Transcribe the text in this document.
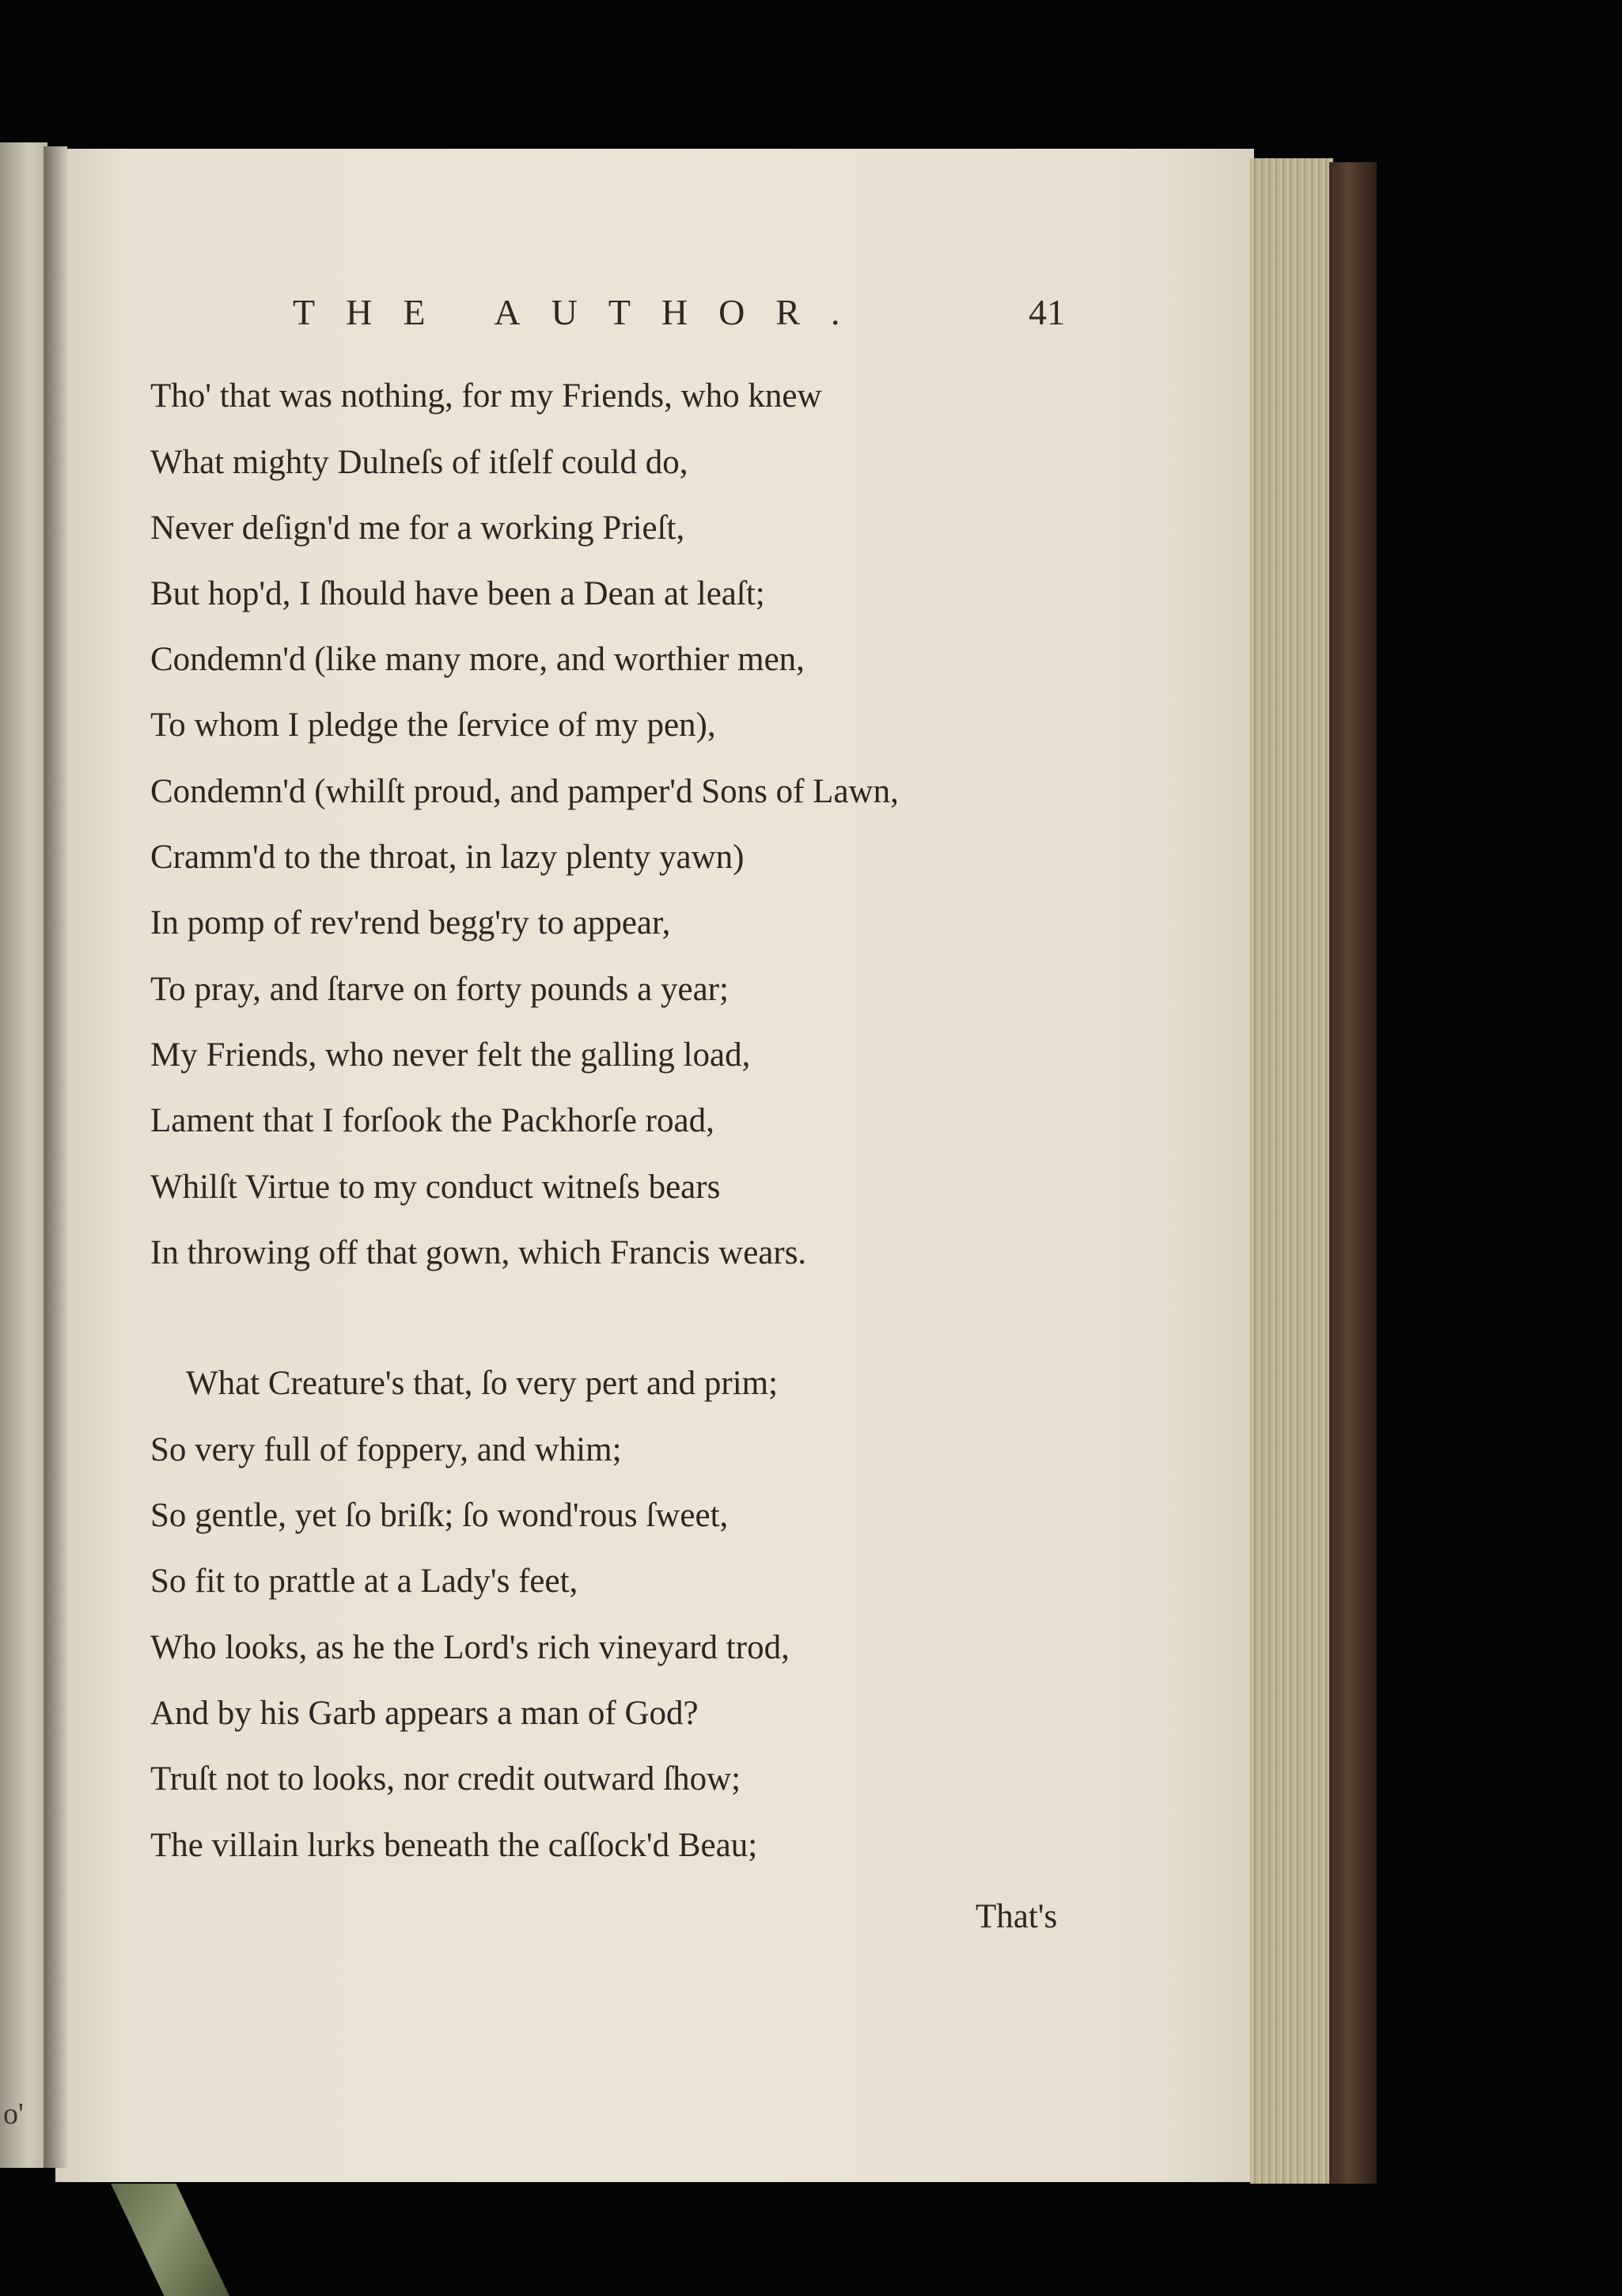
ο'
THE AUTHOR.	41
Tho' that was nothing, for my Friends, who knew
What mighty Dulneſs of itſelf could do,
Never deſign'd me for a working Prieſt,
But hop'd, I ſhould have been a Dean at leaſt;
Condemn'd (like many more, and worthier men,
To whom I pledge the ſervice of my pen),
Condemn'd (whilſt proud, and pamper'd Sons of Lawn,
Cramm'd to the throat, in lazy plenty yawn)
In pomp of rev'rend begg'ry to appear,
To pray, and ſtarve on forty pounds a year;
My Friends, who never felt the galling load,
Lament that I forſook the Packhorſe road,
Whilſt Virtue to my conduct witneſs bears
In throwing off that gown, which Francis wears.
What Creature's that, ſo very pert and prim;
So very full of foppery, and whim;
So gentle, yet ſo briſk; ſo wond'rous ſweet,
So fit to prattle at a Lady's feet,
Who looks, as he the Lord's rich vineyard trod,
And by his Garb appears a man of God?
Truſt not to looks, nor credit outward ſhow;
The villain lurks beneath the caſſock'd Beau;
That's
